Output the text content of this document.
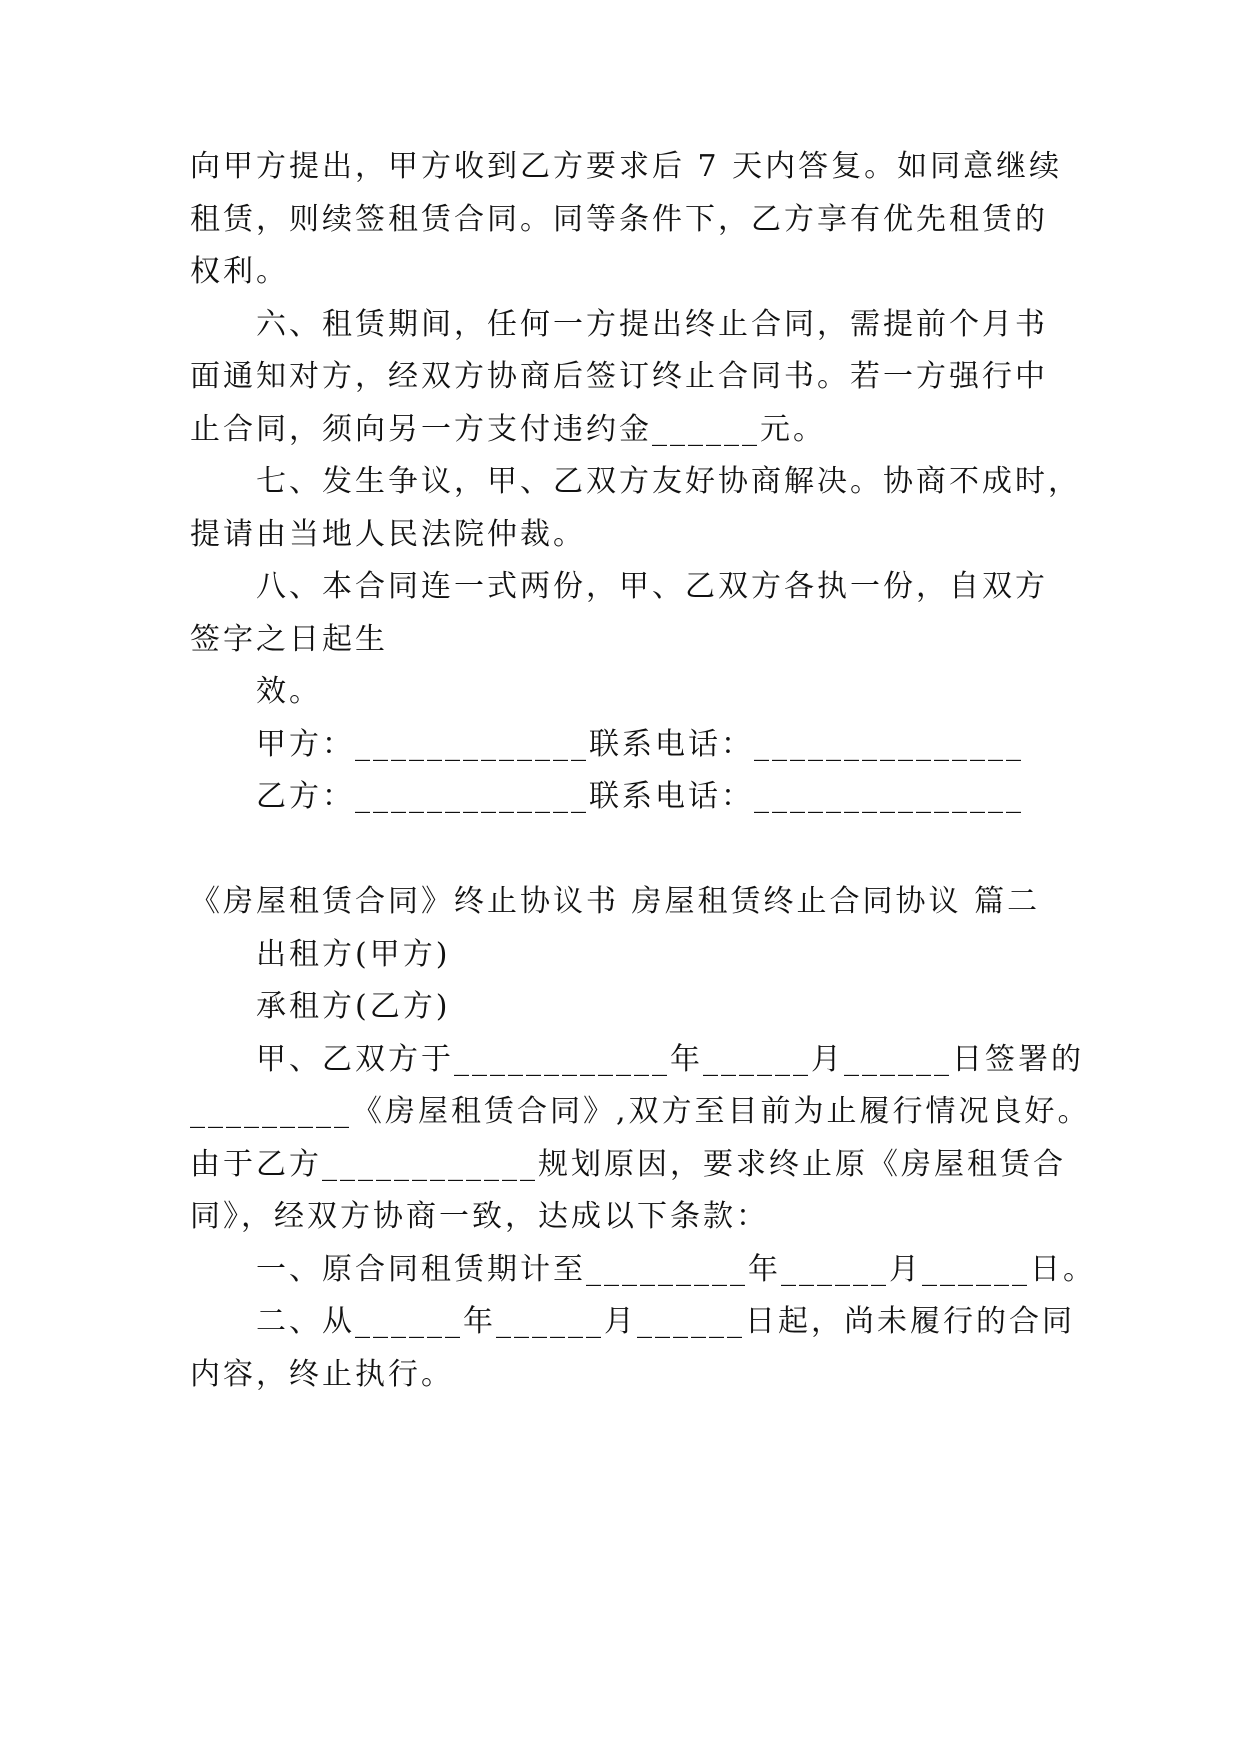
向甲方提出，甲方收到乙方要求后 7 天内答复。如同意继续
租赁，则续签租赁合同。同等条件下，乙方享有优先租赁的
权利。
六、租赁期间，任何一方提出终止合同，需提前个月书
面通知对方，经双方协商后签订终止合同书。若一方强行中
止合同，须向另一方支付违约金______元。
七、发生争议，甲、乙双方友好协商解决。协商不成时，
提请由当地人民法院仲裁。
八、本合同连一式两份，甲、乙双方各执一份，自双方
签字之日起生
效。
甲方：_____________联系电话：_______________
乙方：_____________联系电话：_______________
《房屋租赁合同》终止协议书 房屋租赁终止合同协议 篇二
出租方(甲方)
承租方(乙方)
甲、乙双方于____________年______月______日签署的
_________《房屋租赁合同》,双方至目前为止履行情况良好。
由于乙方____________规划原因，要求终止原《房屋租赁合
同》，经双方协商一致，达成以下条款：
一、原合同租赁期计至_________年______月______日。
二、从______年______月______日起，尚未履行的合同
内容，终止执行。
